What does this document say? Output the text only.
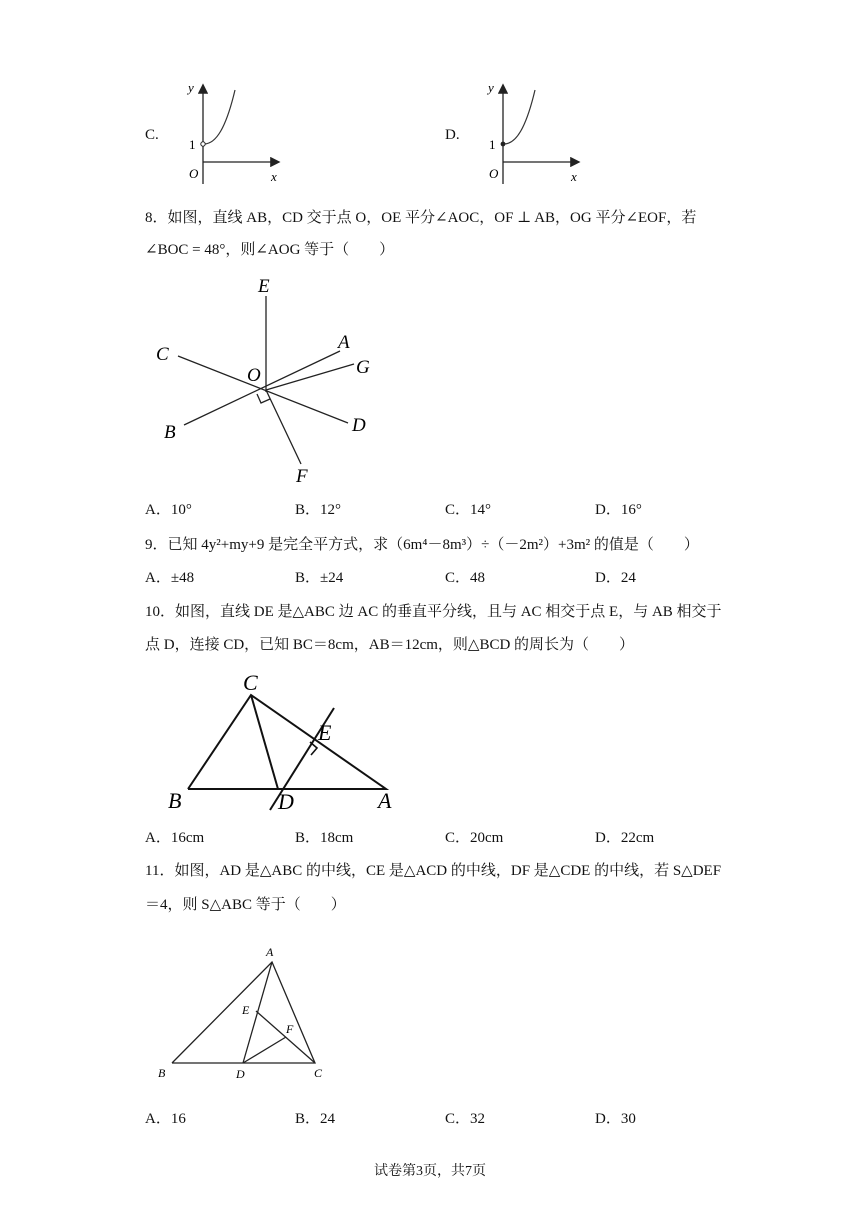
C.
y
x
O
1
D.
y
x
O
1
8．如图，直线 AB，CD 交于点 O，OE 平分∠AOC，OF ⊥ AB，OG 平分∠EOF，若
∠BOC = 48°，则∠AOG 等于（　　）
E
C
A
G
O
B	D
F
A．10°	B．12°	C．14°	D．16°
9．已知 4y²+my+9 是完全平方式，求（6m⁴－8m³）÷（－2m²）+3m² 的值是（　　）
A．±48	B．±24	C．48	D．24
10．如图，直线 DE 是△ABC 边 AC 的垂直平分线，且与 AC 相交于点 E，与 AB 相交于
点 D，连接 CD，已知 BC＝8cm，AB＝12cm，则△BCD 的周长为（　　）
C
E
B	D	A
A．16cm	B．18cm	C．20cm	D．22cm
11．如图，AD 是△ABC 的中线，CE 是△ACD 的中线，DF 是△CDE 的中线，若 S△DEF
＝4，则 S△ABC 等于（　　）
A
E
F
B	D	C
A．16	B．24	C．32	D．30
试卷第3页，共7页
